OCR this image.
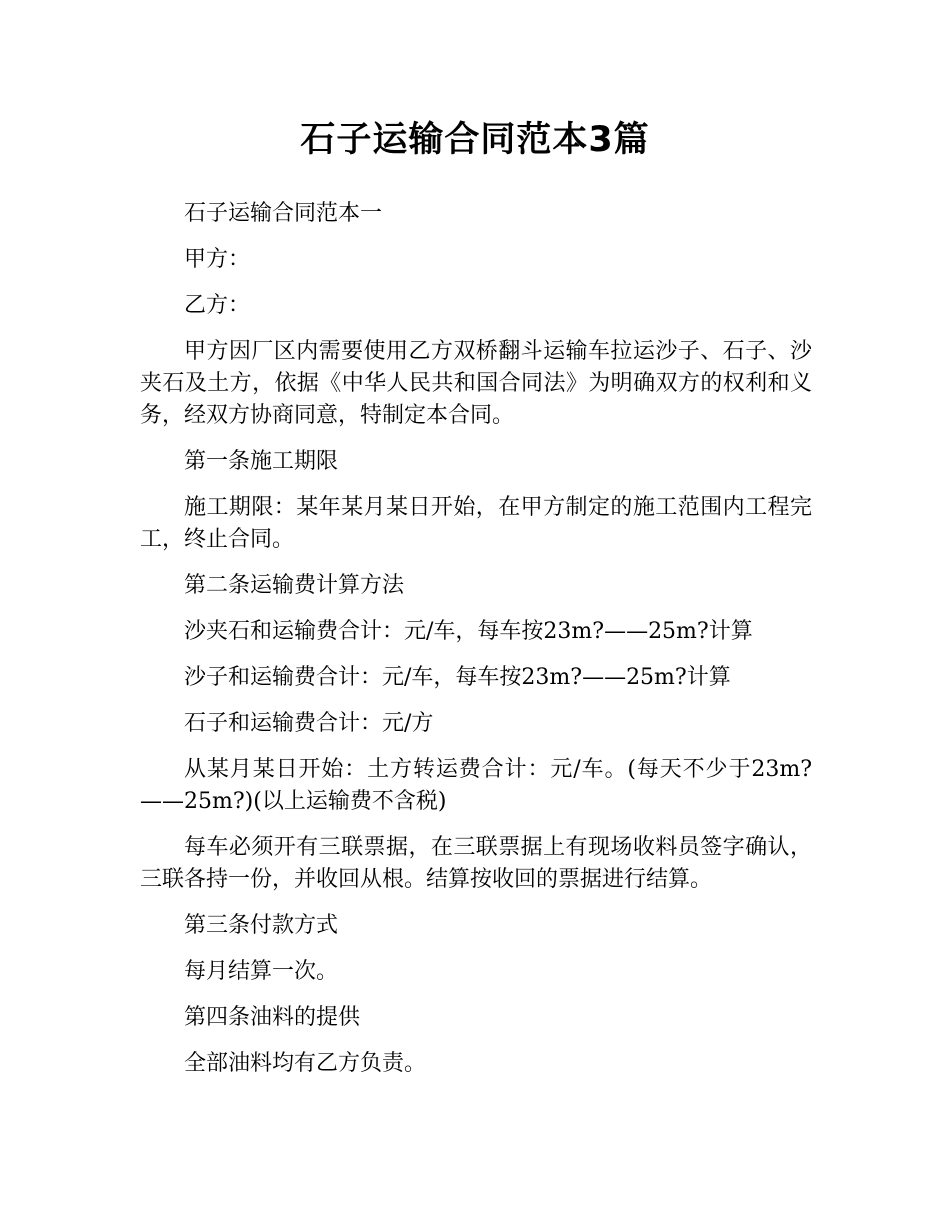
石子运输合同范本3篇

石子运输合同范本一

甲方：

乙方：

甲方因厂区内需要使用乙方双桥翻斗运输车拉运沙子、石子、沙夹石及土方，依据《中华人民共和国合同法》为明确双方的权利和义务，经双方协商同意，特制定本合同。

第一条施工期限

施工期限：某年某月某日开始，在甲方制定的施工范围内工程完工，终止合同。

第二条运输费计算方法

沙夹石和运输费合计：元/车，每车按23m?——25m?计算

沙子和运输费合计：元/车，每车按23m?——25m?计算

石子和运输费合计：元/方

从某月某日开始：土方转运费合计：元/车。(每天不少于23m?——25m?)(以上运输费不含税)

每车必须开有三联票据，在三联票据上有现场收料员签字确认，三联各持一份，并收回从根。结算按收回的票据进行结算。

第三条付款方式

每月结算一次。

第四条油料的提供

全部油料均有乙方负责。
